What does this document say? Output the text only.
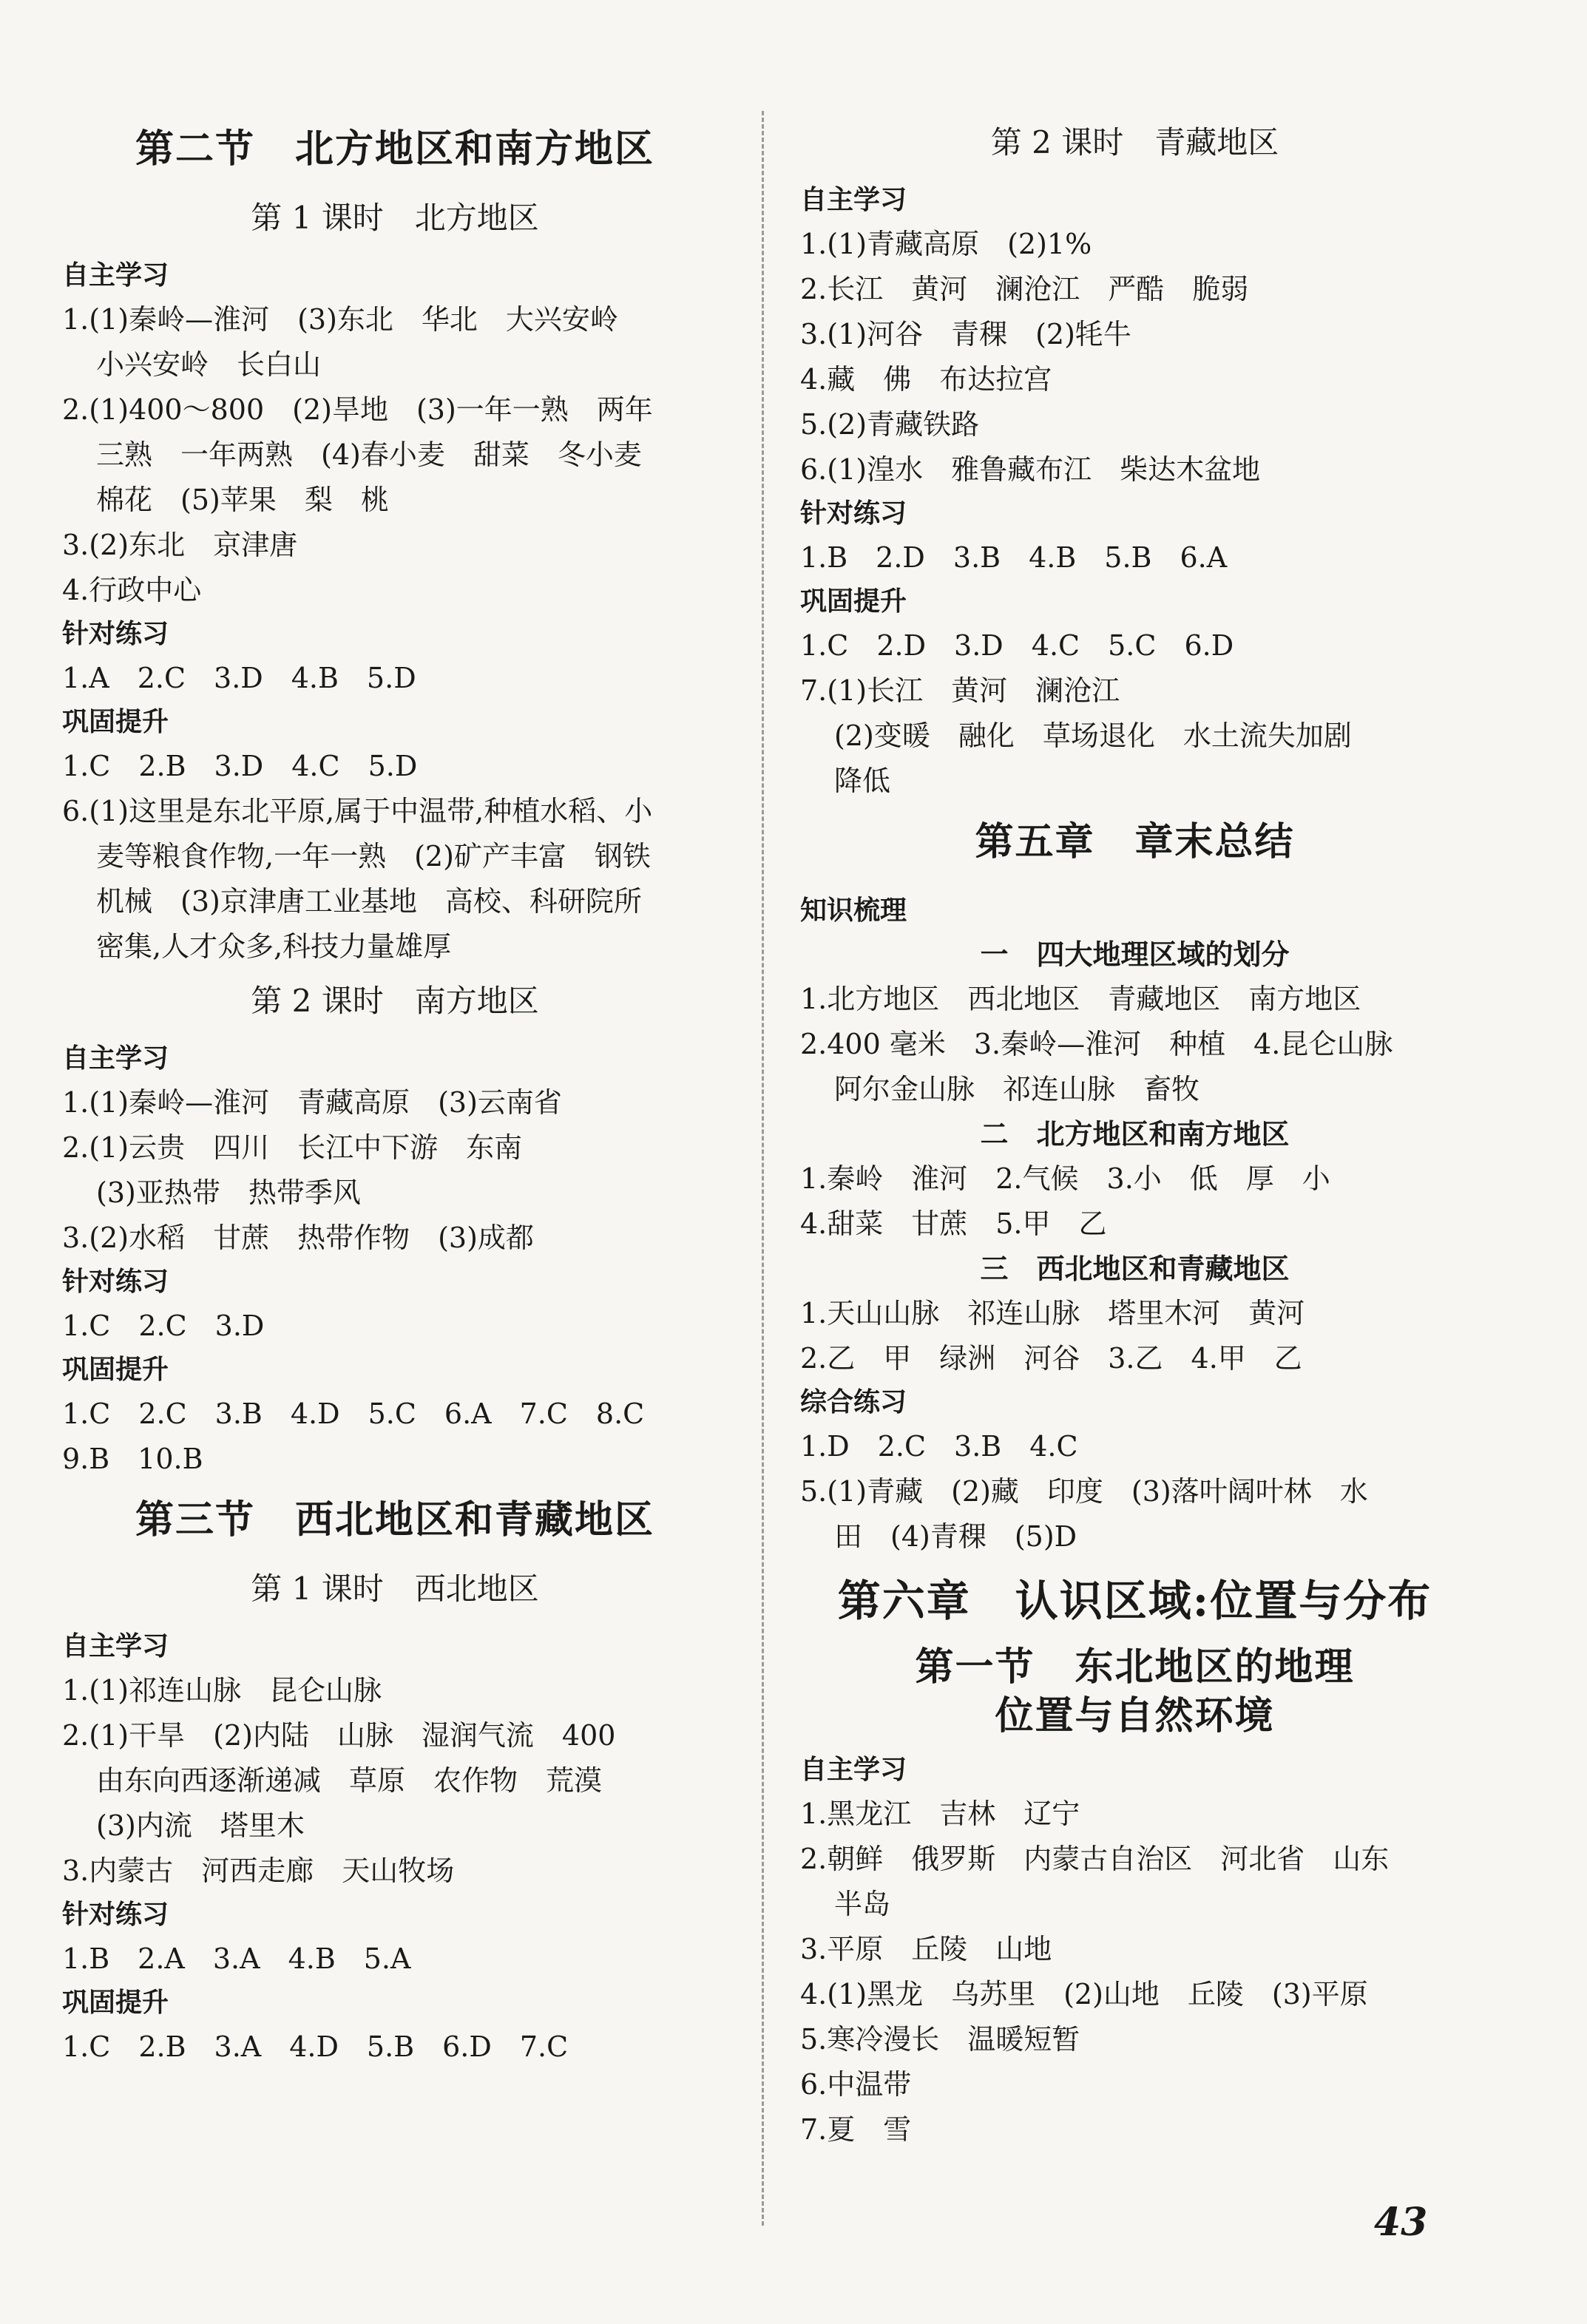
第二节　北方地区和南方地区
第 1 课时　北方地区
自主学习
1.(1)秦岭—淮河　(3)东北　华北　大兴安岭
小兴安岭　长白山
2.(1)400～800　(2)旱地　(3)一年一熟　两年
三熟　一年两熟　(4)春小麦　甜菜　冬小麦
棉花　(5)苹果　梨　桃
3.(2)东北　京津唐
4.行政中心
针对练习
1.A　2.C　3.D　4.B　5.D
巩固提升
1.C　2.B　3.D　4.C　5.D
6.(1)这里是东北平原,属于中温带,种植水稻、小
麦等粮食作物,一年一熟　(2)矿产丰富　钢铁
机械　(3)京津唐工业基地　高校、科研院所
密集,人才众多,科技力量雄厚
第 2 课时　南方地区
自主学习
1.(1)秦岭—淮河　青藏高原　(3)云南省
2.(1)云贵　四川　长江中下游　东南
(3)亚热带　热带季风
3.(2)水稻　甘蔗　热带作物　(3)成都
针对练习
1.C　2.C　3.D
巩固提升
1.C　2.C　3.B　4.D　5.C　6.A　7.C　8.C
9.B　10.B
第三节　西北地区和青藏地区
第 1 课时　西北地区
自主学习
1.(1)祁连山脉　昆仑山脉
2.(1)干旱　(2)内陆　山脉　湿润气流　400
由东向西逐渐递减　草原　农作物　荒漠
(3)内流　塔里木
3.内蒙古　河西走廊　天山牧场
针对练习
1.B　2.A　3.A　4.B　5.A
巩固提升
1.C　2.B　3.A　4.D　5.B　6.D　7.C
第 2 课时　青藏地区
自主学习
1.(1)青藏高原　(2)1%
2.长江　黄河　澜沧江　严酷　脆弱
3.(1)河谷　青稞　(2)牦牛
4.藏　佛　布达拉宫
5.(2)青藏铁路
6.(1)湟水　雅鲁藏布江　柴达木盆地
针对练习
1.B　2.D　3.B　4.B　5.B　6.A
巩固提升
1.C　2.D　3.D　4.C　5.C　6.D
7.(1)长江　黄河　澜沧江
(2)变暖　融化　草场退化　水土流失加剧
降低
第五章　章末总结
知识梳理
一　四大地理区域的划分
1.北方地区　西北地区　青藏地区　南方地区
2.400 毫米　3.秦岭—淮河　种植　4.昆仑山脉
阿尔金山脉　祁连山脉　畜牧
二　北方地区和南方地区
1.秦岭　淮河　2.气候　3.小　低　厚　小
4.甜菜　甘蔗　5.甲　乙
三　西北地区和青藏地区
1.天山山脉　祁连山脉　塔里木河　黄河
2.乙　甲　绿洲　河谷　3.乙　4.甲　乙
综合练习
1.D　2.C　3.B　4.C
5.(1)青藏　(2)藏　印度　(3)落叶阔叶林　水
田　(4)青稞　(5)D
第六章　认识区域:位置与分布
第一节　东北地区的地理
位置与自然环境
自主学习
1.黑龙江　吉林　辽宁
2.朝鲜　俄罗斯　内蒙古自治区　河北省　山东
半岛
3.平原　丘陵　山地
4.(1)黑龙　乌苏里　(2)山地　丘陵　(3)平原
5.寒冷漫长　温暖短暂
6.中温带
7.夏　雪
43
